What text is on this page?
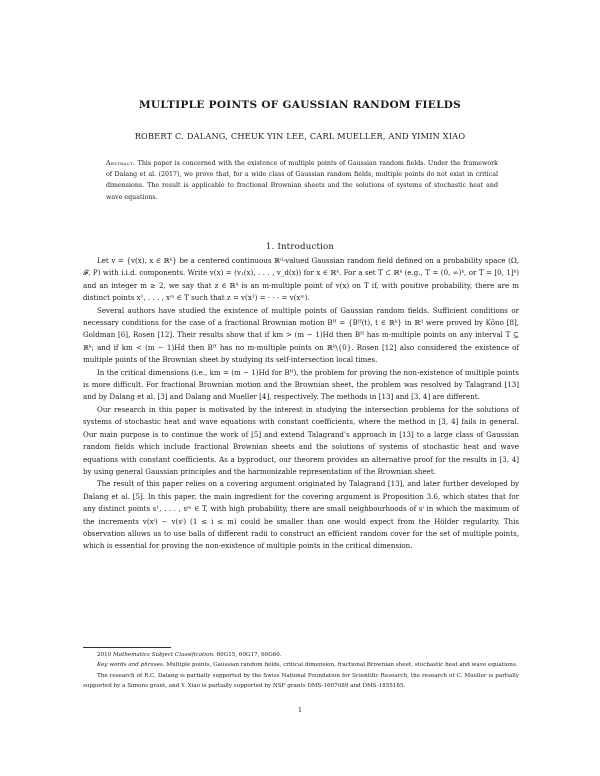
MULTIPLE POINTS OF GAUSSIAN RANDOM FIELDS
ROBERT C. DALANG, CHEUK YIN LEE, CARL MUELLER, AND YIMIN XIAO
Abstract. This paper is concerned with the existence of multiple points of Gaussian random fields. Under the framework of Dalang et al. (2017), we prove that, for a wide class of Gaussian random fields, multiple points do not exist in critical dimensions. The result is applicable to fractional Brownian sheets and the solutions of systems of stochastic heat and wave equations.
1. Introduction

Let v = {v(x), x ∈ ℝᵏ} be a centered continuous ℝᵈ-valued Gaussian random field defined on a probability space (Ω, 𝓕, P) with i.i.d. components. Write v(x) = (v₁(x), . . . , v_d(x)) for x ∈ ℝᵏ. For a set T ⊂ ℝᵏ (e.g., T = (0, ∞)ᵏ, or T = [0, 1]ᵏ) and an integer m ≥ 2, we say that z ∈ ℝᵈ is an m-multiple point of v(x) on T if, with positive probability, there are m distinct points x¹, . . . , xᵐ ∈ T such that z = v(x¹) = · · · = v(xᵐ).

Several authors have studied the existence of multiple points of Gaussian random fields. Sufficient conditions or necessary conditions for the case of a fractional Brownian motion Bᴴ = {Bᴴ(t), t ∈ ℝᵏ} in ℝᵈ were proved by Kôno [8], Goldman [6], Rosen [12]. Their results show that if km > (m − 1)Hd then Bᴴ has m-multiple points on any interval T ⊆ ℝᵏ; and if km < (m − 1)Hd then Bᴴ has no m-multiple points on ℝᵏ\{0}. Rosen [12] also considered the existence of multiple points of the Brownian sheet by studying its self-intersection local times.

In the critical dimensions (i.e., km = (m − 1)Hd for Bᴴ), the problem for proving the non-existence of multiple points is more difficult. For fractional Brownian motion and the Brownian sheet, the problem was resolved by Talagrand [13] and by Dalang et al. [3] and Dalang and Mueller [4], respectively. The methods in [13] and [3, 4] are different.

Our research in this paper is motivated by the interest in studying the intersection problems for the solutions of systems of stochastic heat and wave equations with constant coefficients, where the method in [3, 4] fails in general. Our main purpose is to continue the work of [5] and extend Talagrand’s approach in [13] to a large class of Gaussian random fields which include fractional Brownian sheets and the solutions of systems of stochastic heat and wave equations with constant coefficients. As a byproduct, our theorem provides an alternative proof for the results in [3, 4] by using general Gaussian principles and the harmonizable representation of the Brownian sheet.

The result of this paper relies on a covering argument originated by Talagrand [13], and later further developed by Dalang et al. [5]. In this paper, the main ingredient for the covering argument is Proposition 3.6, which states that for any distinct points s¹, . . . , sᵐ ∈ T, with high probability, there are small neighbourhoods of sⁱ in which the maximum of the increments v(xⁱ) − v(sⁱ) (1 ≤ i ≤ m) could be smaller than one would expect from the Hölder regularity. This observation allows us to use balls of different radii to construct an efficient random cover for the set of multiple points, which is essential for proving the non-existence of multiple points in the critical dimension.

2010 Mathematics Subject Classification. 60G15, 60G17, 60G60.

Key words and phrases. Multiple points, Gaussian random fields, critical dimension, fractional Brownian sheet, stochastic heat and wave equations.

The research of R.C. Dalang is partially supported by the Swiss National Foundation for Scientific Research, the research of C. Mueller is partially supported by a Simons grant, and Y. Xiao is partially supported by NSF grants DMS-1607089 and DMS-1855185.

1
